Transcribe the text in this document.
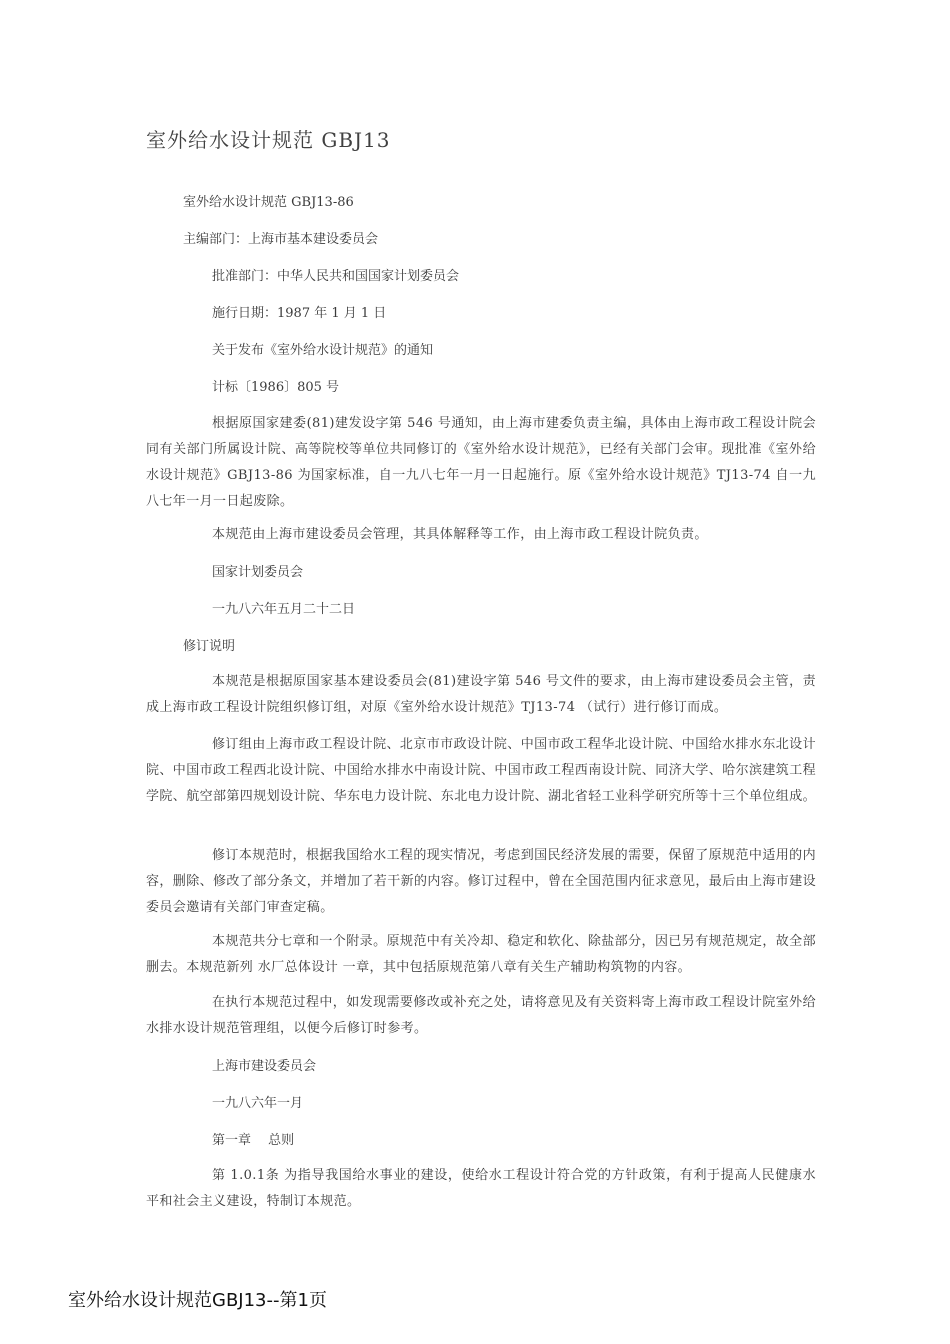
室外给水设计规范 GBJ13
室外给水设计规范 GBJ13-86
主编部门：上海市基本建设委员会
批准部门：中华人民共和国国家计划委员会
施行日期：1987 年 1 月 1 日
关于发布《室外给水设计规范》的通知
计标〔1986〕805 号
根据原国家建委(81)建发设字第 546 号通知，由上海市建委负责主编，具体由上海市政工程设计院会同有关部门所属设计院、高等院校等单位共同修订的《室外给水设计规范》，已经有关部门会审。现批准《室外给水设计规范》GBJ13-86 为国家标准，自一九八七年一月一日起施行。原《室外给水设计规范》TJ13-74 自一九八七年一月一日起废除。
本规范由上海市建设委员会管理，其具体解释等工作，由上海市政工程设计院负责。
国家计划委员会
一九八六年五月二十二日
修订说明
本规范是根据原国家基本建设委员会(81)建设字第 546 号文件的要求，由上海市建设委员会主管，责成上海市政工程设计院组织修订组，对原《室外给水设计规范》TJ13-74 （试行）进行修订而成。
修订组由上海市政工程设计院、北京市市政设计院、中国市政工程华北设计院、中国给水排水东北设计院、中国市政工程西北设计院、中国给水排水中南设计院、中国市政工程西南设计院、同济大学、哈尔滨建筑工程学院、航空部第四规划设计院、华东电力设计院、东北电力设计院、湖北省轻工业科学研究所等十三个单位组成。
修订本规范时，根据我国给水工程的现实情况，考虑到国民经济发展的需要，保留了原规范中适用的内容，删除、修改了部分条文，并增加了若干新的内容。修订过程中，曾在全国范围内征求意见，最后由上海市建设委员会邀请有关部门审查定稿。
本规范共分七章和一个附录。原规范中有关冷却、稳定和软化、除盐部分，因已另有规范规定，故全部删去。本规范新列 水厂总体设计 一章，其中包括原规范第八章有关生产辅助构筑物的内容。
在执行本规范过程中，如发现需要修改或补充之处，请将意见及有关资料寄上海市政工程设计院室外给水排水设计规范管理组，以便今后修订时参考。
上海市建设委员会
一九八六年一月
第一章　 总则
第 1.0.1条 为指导我国给水事业的建设，使给水工程设计符合党的方针政策，有利于提高人民健康水平和社会主义建设，特制订本规范。
室外给水设计规范GBJ13--第1页
